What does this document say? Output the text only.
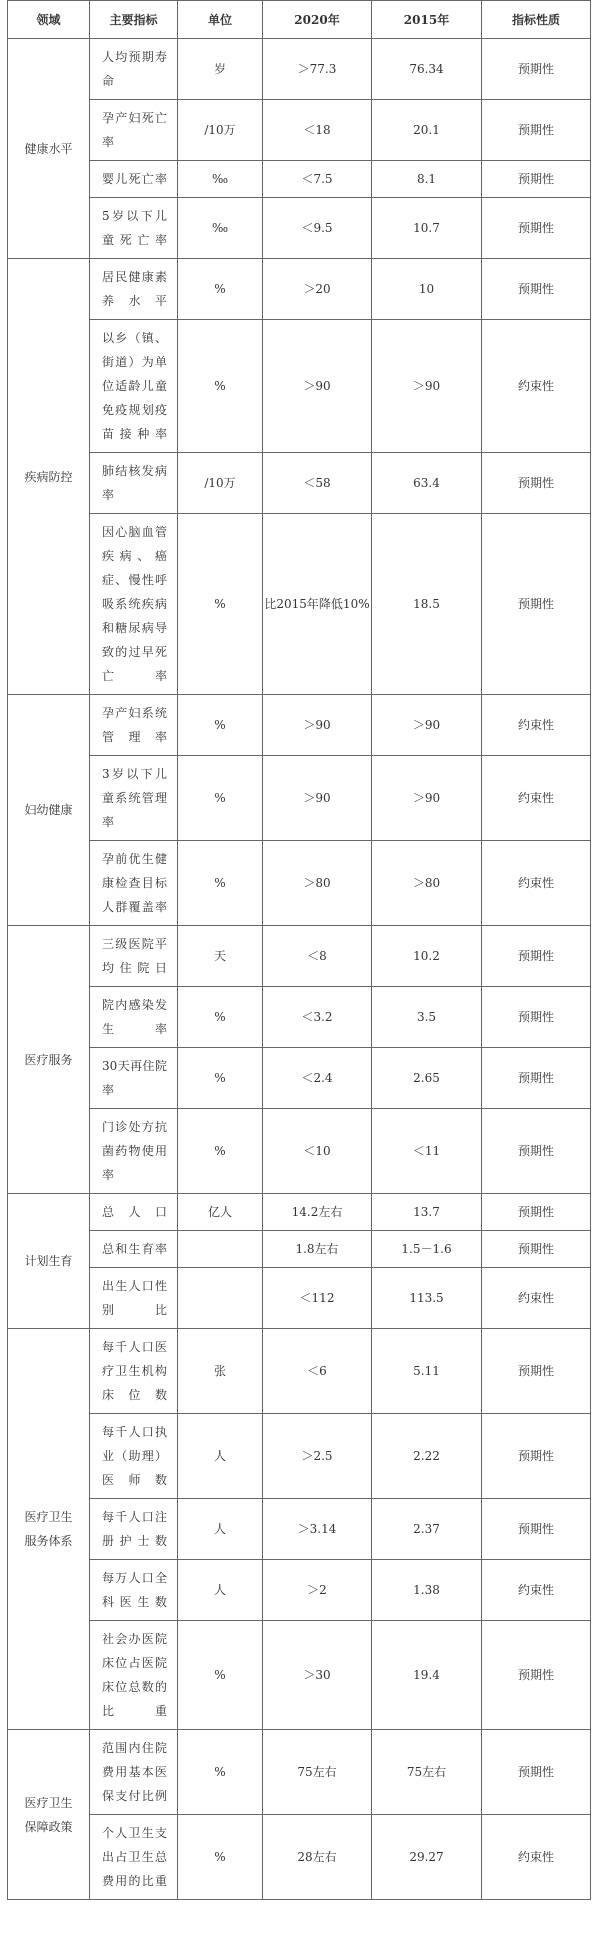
领域	主要指标	单位	2020年	2015年	指标性质
健康水平	人均预期寿命	岁	＞77.3	76.34	预期性
	孕产妇死亡率	/10万	＜18	20.1	预期性
	婴儿死亡率	‰	＜7.5	8.1	预期性
	5岁以下儿童死亡率	‰	＜9.5	10.7	预期性
疾病防控	居民健康素养水平	%	＞20	10	预期性
	以乡（镇、街道）为单位适龄儿童免疫规划疫苗接种率	%	＞90	＞90	约束性
	肺结核发病率	/10万	＜58	63.4	预期性
	因心脑血管疾病、癌症、慢性呼吸系统疾病和糖尿病导致的过早死亡率	%	比2015年降低10%	18.5	预期性
妇幼健康	孕产妇系统管理率	%	＞90	＞90	约束性
	3岁以下儿童系统管理率	%	＞90	＞90	约束性
	孕前优生健康检查目标人群覆盖率	%	＞80	＞80	约束性
医疗服务	三级医院平均住院日	天	＜8	10.2	预期性
	院内感染发生率	%	＜3.2	3.5	预期性
	30天再住院率	%	＜2.4	2.65	预期性
	门诊处方抗菌药物使用率	%	＜10	＜11	预期性
计划生育	总人口	亿人	14.2左右	13.7	预期性
	总和生育率		1.8左右	1.5－1.6	预期性
	出生人口性别比		＜112	113.5	约束性
医疗卫生服务体系	每千人口医疗卫生机构床位数	张	＜6	5.11	预期性
	每千人口执业（助理）医师数	人	＞2.5	2.22	预期性
	每千人口注册护士数	人	＞3.14	2.37	预期性
	每万人口全科医生数	人	＞2	1.38	约束性
	社会办医院床位占医院床位总数的比重	%	＞30	19.4	预期性
医疗卫生保障政策	范围内住院费用基本医保支付比例	%	75左右	75左右	预期性
	个人卫生支出占卫生总费用的比重	%	28左右	29.27	约束性
